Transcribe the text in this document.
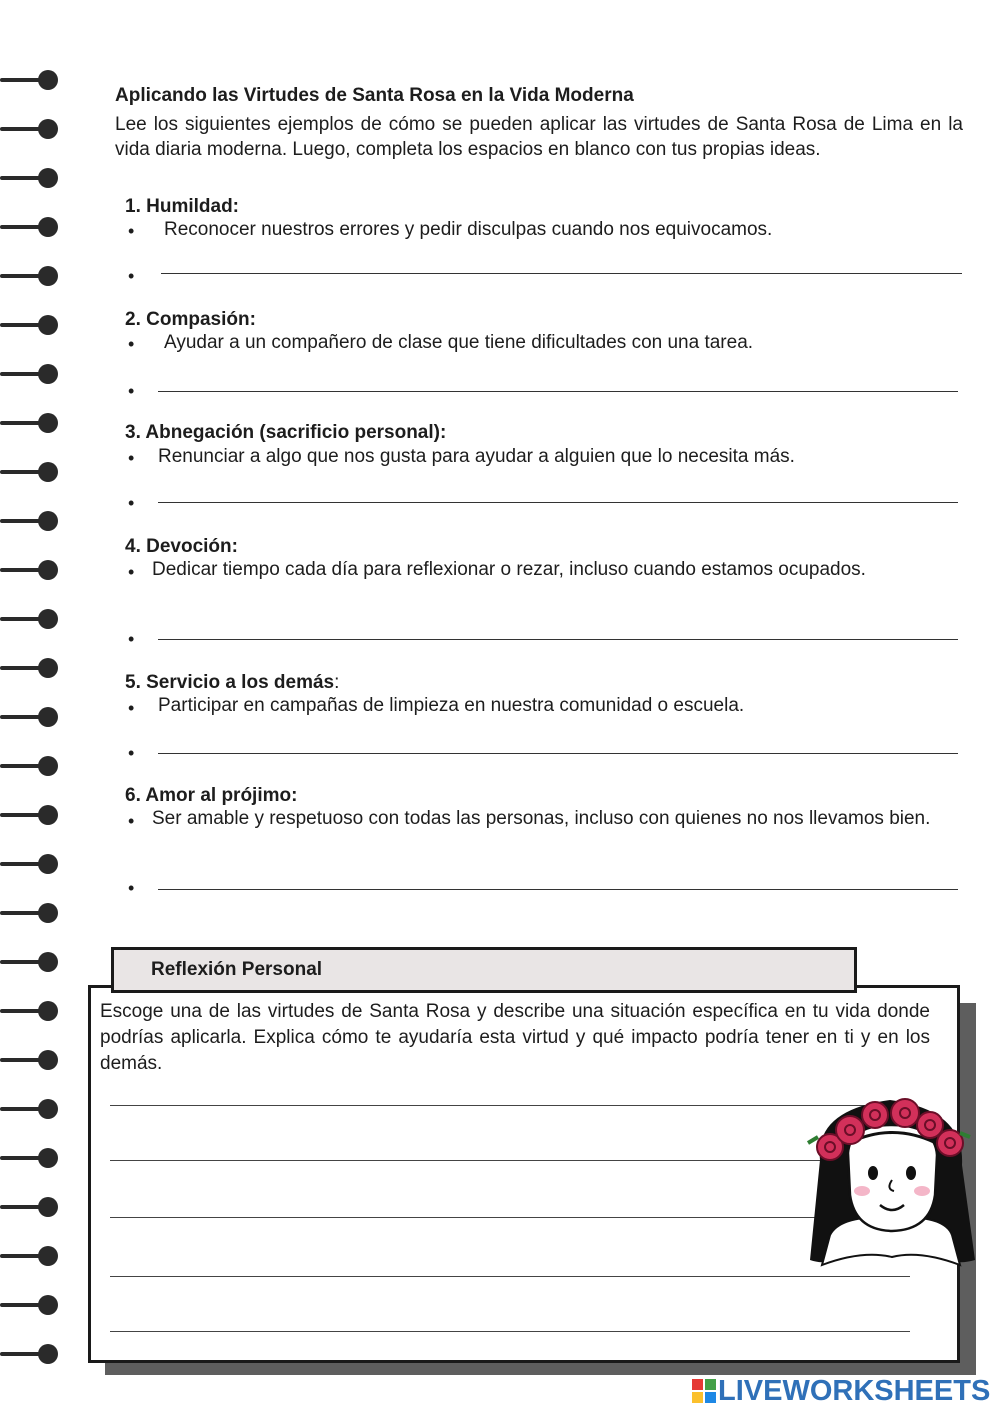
Aplicando las Virtudes de Santa Rosa en la Vida Moderna
Lee los siguientes ejemplos de cómo se pueden aplicar las virtudes de Santa Rosa de Lima en la vida diaria moderna. Luego, completa los espacios en blanco con tus propias ideas.
1. Humildad:
• Reconocer nuestros errores y pedir disculpas cuando nos equivocamos.
•
2. Compasión:
• Ayudar a un compañero de clase que tiene dificultades con una tarea.
•
3. Abnegación (sacrificio personal):
• Renunciar a algo que nos gusta para ayudar a alguien que lo necesita más.
•
4. Devoción:
• Dedicar tiempo cada día para reflexionar o rezar, incluso cuando estamos ocupados.
•
5. Servicio a los demás:
• Participar en campañas de limpieza en nuestra comunidad o escuela.
•
6. Amor al prójimo:
• Ser amable y respetuoso con todas las personas, incluso con quienes no nos llevamos bien.
•
Reflexión Personal
Escoge una de las virtudes de Santa Rosa y describe una situación específica en tu vida donde podrías aplicarla. Explica cómo te ayudaría esta virtud y qué impacto podría tener en ti y en los demás.
LIVEWORKSHEETS
